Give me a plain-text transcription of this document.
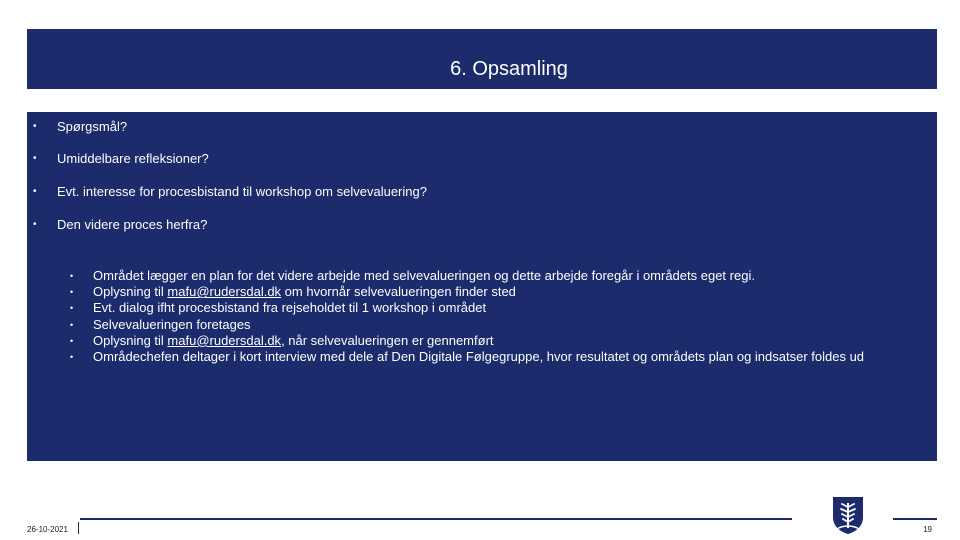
6. Opsamling
• Spørgsmål?
• Umiddelbare refleksioner?
• Evt. interesse for procesbistand til workshop om selvevaluering?
• Den videre proces herfra?
• Området lægger en plan for det videre arbejde med selvevalueringen og dette arbejde foregår i områdets eget regi.
• Oplysning til mafu@rudersdal.dk om hvornår selvevalueringen finder sted
• Evt. dialog ifht procesbistand fra rejseholdet til 1 workshop i området
• Selvevalueringen foretages
• Oplysning til mafu@rudersdal.dk, når selvevalueringen er gennemført
• Områdechefen deltager i kort interview med dele af Den Digitale Følgegruppe, hvor resultatet og områdets plan og indsatser foldes ud
26-10-2021	19
